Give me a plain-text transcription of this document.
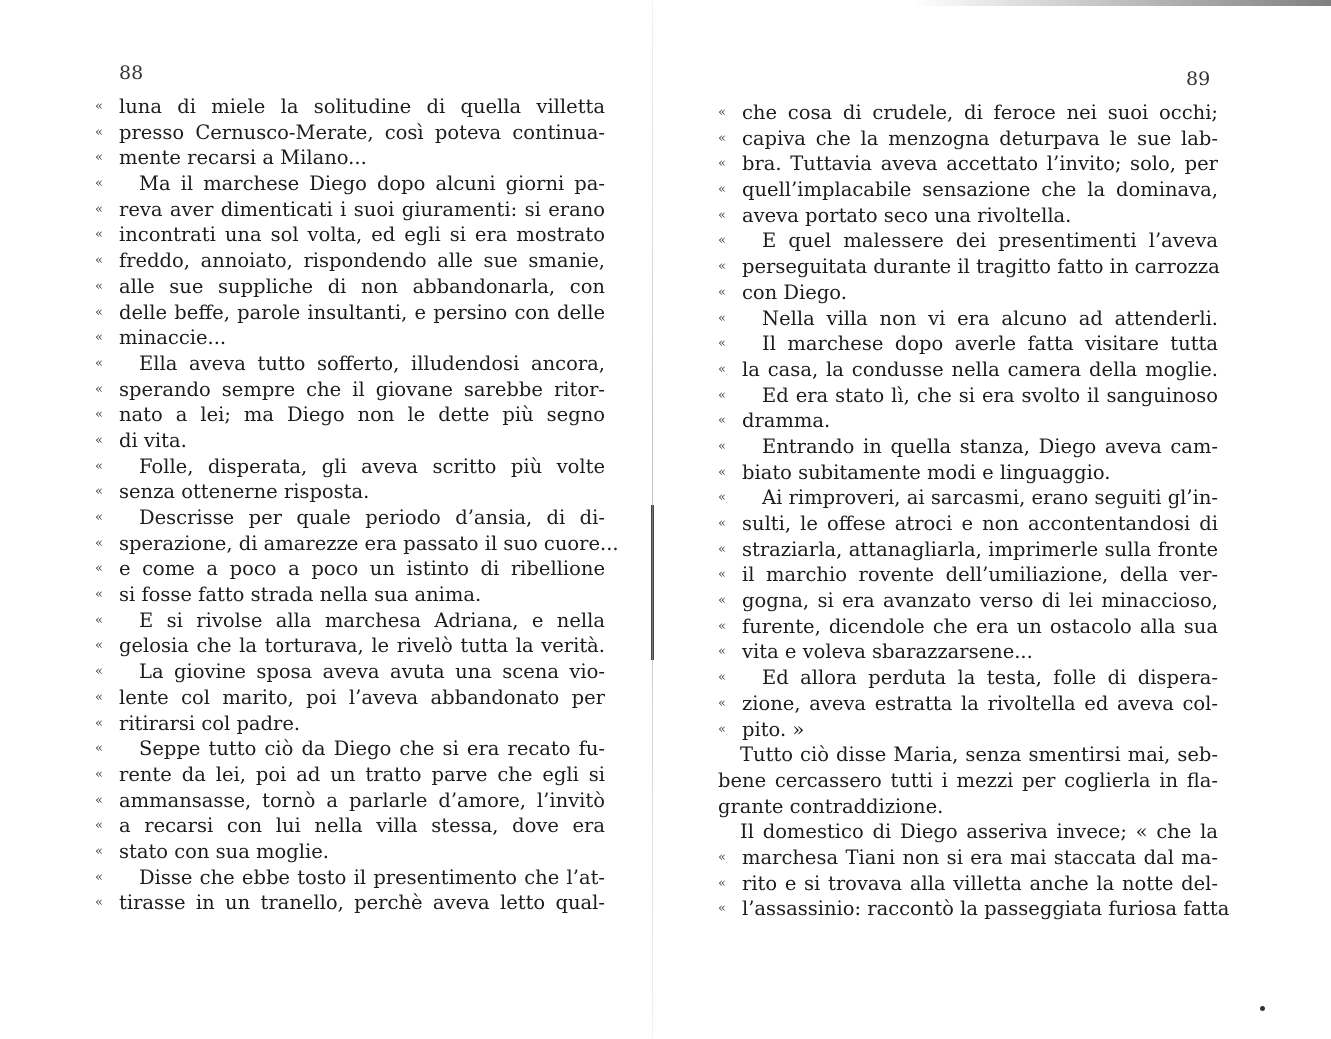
88
« luna di miele la solitudine di quella villetta
« presso Cernusco-Merate, così poteva continua-
« mente recarsi a Milano...
« Ma il marchese Diego dopo alcuni giorni pa-
« reva aver dimenticati i suoi giuramenti: si erano
« incontrati una sol volta, ed egli si era mostrato
« freddo, annoiato, rispondendo alle sue smanie,
« alle sue suppliche di non abbandonarla, con
« delle beffe, parole insultanti, e persino con delle
« minaccie...
« Ella aveva tutto sofferto, illudendosi ancora,
« sperando sempre che il giovane sarebbe ritor-
« nato a lei; ma Diego non le dette più segno
« di vita.
« Folle, disperata, gli aveva scritto più volte
« senza ottenerne risposta.
« Descrisse per quale periodo d’ansia, di di-
« sperazione, di amarezze era passato il suo cuore...
« e come a poco a poco un istinto di ribellione
« si fosse fatto strada nella sua anima.
« E si rivolse alla marchesa Adriana, e nella
« gelosia che la torturava, le rivelò tutta la verità.
« La giovine sposa aveva avuta una scena vio-
« lente col marito, poi l’aveva abbandonato per
« ritirarsi col padre.
« Seppe tutto ciò da Diego che si era recato fu-
« rente da lei, poi ad un tratto parve che egli si
« ammansasse, tornò a parlarle d’amore, l’invitò
« a recarsi con lui nella villa stessa, dove era
« stato con sua moglie.
« Disse che ebbe tosto il presentimento che l’at-
« tirasse in un tranello, perchè aveva letto qual-
89
« che cosa di crudele, di feroce nei suoi occhi;
« capiva che la menzogna deturpava le sue lab-
« bra. Tuttavia aveva accettato l’invito; solo, per
« quell’implacabile sensazione che la dominava,
« aveva portato seco una rivoltella.
« E quel malessere dei presentimenti l’aveva
« perseguitata durante il tragitto fatto in carrozza
« con Diego.
« Nella villa non vi era alcuno ad attenderli.
« Il marchese dopo averle fatta visitare tutta
« la casa, la condusse nella camera della moglie.
« Ed era stato lì, che si era svolto il sanguinoso
« dramma.
« Entrando in quella stanza, Diego aveva cam-
« biato subitamente modi e linguaggio.
« Ai rimproveri, ai sarcasmi, erano seguiti gl’in-
« sulti, le offese atroci e non accontentandosi di
« straziarla, attanagliarla, imprimerle sulla fronte
« il marchio rovente dell’umiliazione, della ver-
« gogna, si era avanzato verso di lei minaccioso,
« furente, dicendole che era un ostacolo alla sua
« vita e voleva sbarazzarsene...
« Ed allora perduta la testa, folle di dispera-
« zione, aveva estratta la rivoltella ed aveva col-
« pito. »
Tutto ciò disse Maria, senza smentirsi mai, seb-
bene cercassero tutti i mezzi per coglierla in fla-
grante contraddizione.
Il domestico di Diego asseriva invece; « che la
« marchesa Tiani non si era mai staccata dal ma-
« rito e si trovava alla villetta anche la notte del-
« l’assassinio: raccontò la passeggiata furiosa fatta
